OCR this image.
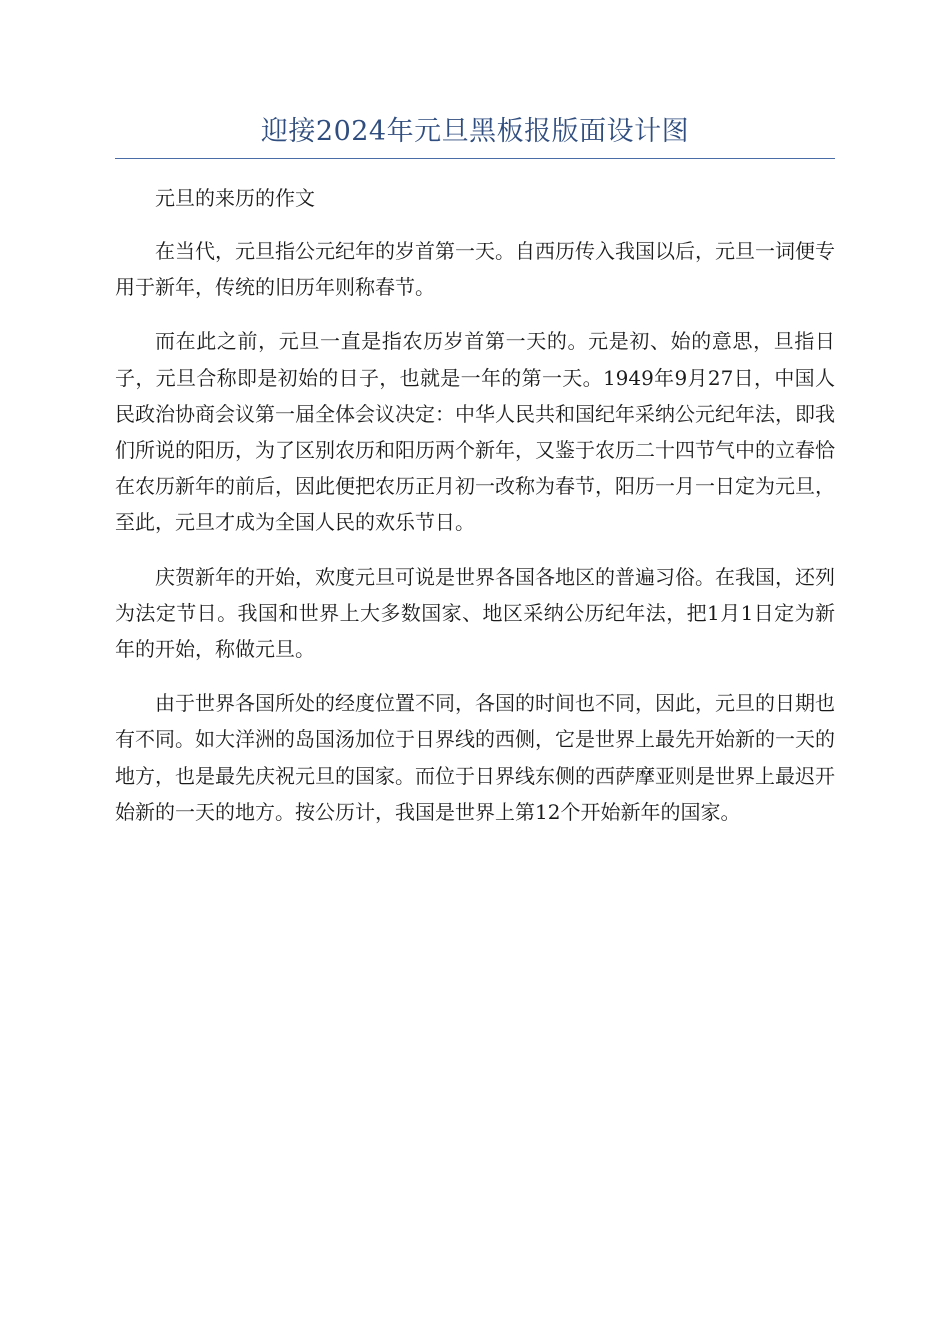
迎接2024年元旦黑板报版面设计图

元旦的来历的作文

在当代，元旦指公元纪年的岁首第一天。自西历传入我国以后，元旦一词便专用于新年，传统的旧历年则称春节。

而在此之前，元旦一直是指农历岁首第一天的。元是初、始的意思，旦指日子，元旦合称即是初始的日子，也就是一年的第一天。1949年9月27日，中国人民政治协商会议第一届全体会议决定：中华人民共和国纪年采纳公元纪年法，即我们所说的阳历，为了区别农历和阳历两个新年，又鉴于农历二十四节气中的立春恰在农历新年的前后，因此便把农历正月初一改称为春节，阳历一月一日定为元旦，至此，元旦才成为全国人民的欢乐节日。

庆贺新年的开始，欢度元旦可说是世界各国各地区的普遍习俗。在我国，还列为法定节日。我国和世界上大多数国家、地区采纳公历纪年法，把1月1日定为新年的开始，称做元旦。

由于世界各国所处的经度位置不同，各国的时间也不同，因此，元旦的日期也有不同。如大洋洲的岛国汤加位于日界线的西侧，它是世界上最先开始新的一天的地方，也是最先庆祝元旦的国家。而位于日界线东侧的西萨摩亚则是世界上最迟开始新的一天的地方。按公历计，我国是世界上第12个开始新年的国家。
